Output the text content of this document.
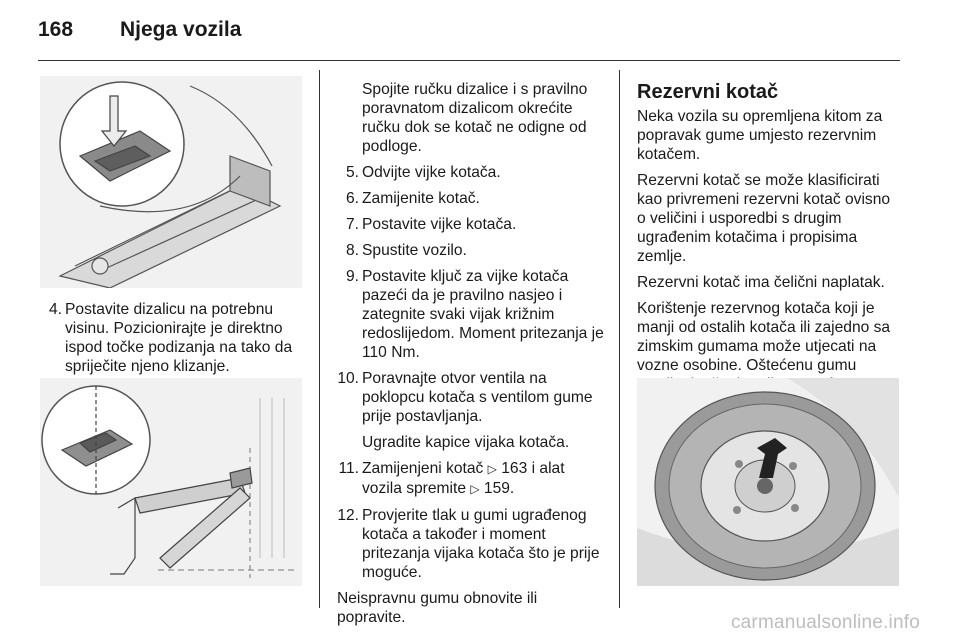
168 Njega vozila
4. Postavite dizalicu na potrebnu visinu. Pozicionirajte je direktno ispod točke podizanja na tako da spriječite njeno klizanje.

Spojite ručku dizalice i s pravilno poravnatom dizalicom okrećite ručku dok se kotač ne odigne od podloge.

5. Odvijte vijke kotača.
6. Zamijenite kotač.
7. Postavite vijke kotača.
8. Spustite vozilo.
9. Postavite ključ za vijke kotača pazeći da je pravilno nasjeo i zategnite svaki vijak križnim redoslijedom. Moment pritezanja je 110 Nm.
10. Poravnajte otvor ventila na poklopcu kotača s ventilom gume prije postavljanja.
Ugradite kapice vijaka kotača.
11. Zamijenjeni kotač ▷ 163 i alat vozila spremite ▷ 159.
12. Provjerite tlak u gumi ugrađenog kotača a također i moment pritezanja vijaka kotača što je prije moguće.

Neispravnu gumu obnovite ili popravite.

Rezervni kotač

Neka vozila su opremljena kitom za popravak gume umjesto rezervnim kotačem.

Rezervni kotač se može klasificirati kao privremeni rezervni kotač ovisno o veličini i usporedbi s drugim ugrađenim kotačima i propisima zemlje.

Rezervni kotač ima čelični naplatak.

Korištenje rezervnog kotača koji je manji od ostalih kotača ili zajedno sa zimskim gumama može utjecati na vozne osobine. Oštećenu gumu

carmanualsonline.info
